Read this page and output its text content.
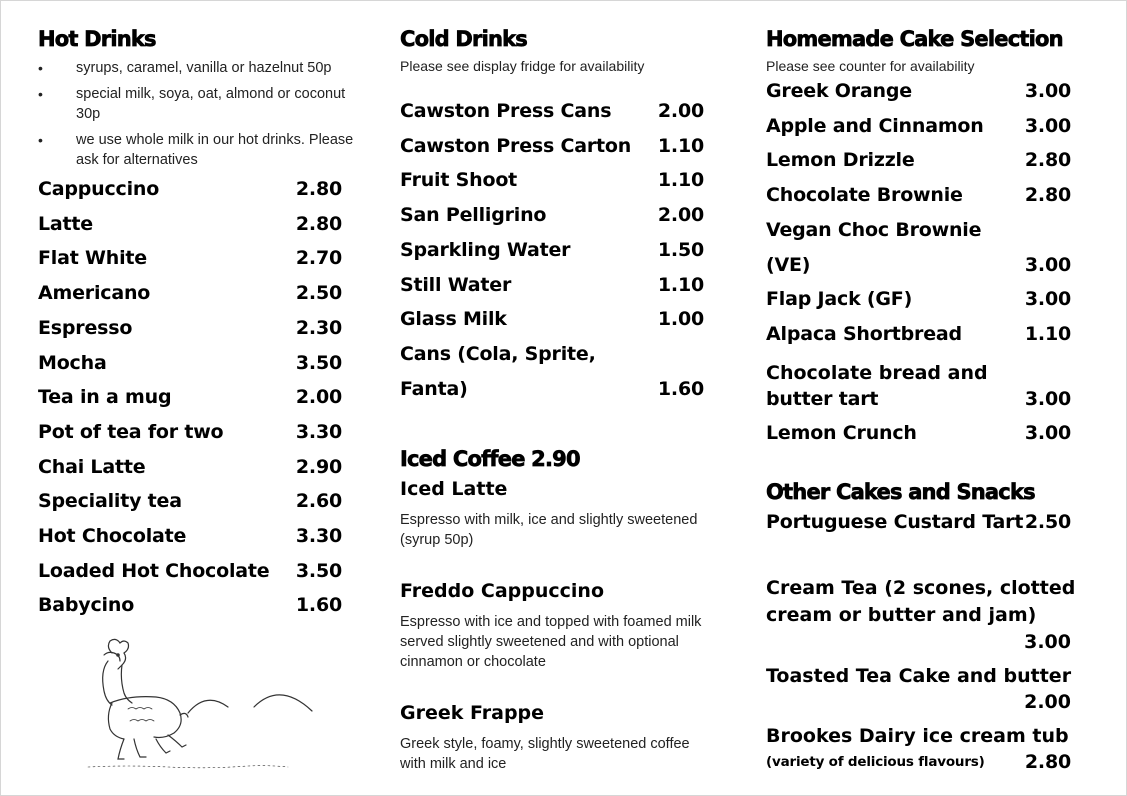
Hot Drinks
• syrups, caramel, vanilla or hazelnut 50p
• special milk, soya, oat, almond or coconut 30p
• we use whole milk in our hot drinks. Please ask for alternatives
Cappuccino	2.80
Latte	2.80
Flat White	2.70
Americano	2.50
Espresso	2.30
Mocha	3.50
Tea in a mug	2.00
Pot of tea for two	3.30
Chai Latte	2.90
Speciality tea	2.60
Hot Chocolate	3.30
Loaded Hot Chocolate 3.50
Babycino	1.60
Cold Drinks
Please see display fridge for availability
Cawston Press Cans 2.00
Cawston Press Carton 1.10
Fruit Shoot	1.10
San Pelligrino	2.00
Sparkling Water	1.50
Still Water	1.10
Glass Milk	1.00
Cans (Cola, Sprite, Fanta)	1.60
Iced Coffee 2.90
Iced Latte
Espresso with milk, ice and slightly sweetened (syrup 50p)
Freddo Cappuccino
Espresso with ice and topped with foamed milk served slightly sweetened and with optional cinnamon or chocolate
Greek Frappe
Greek style, foamy, slightly sweetened coffee with milk and ice
Homemade Cake Selection
Please see counter for availability
Greek Orange	3.00
Apple and Cinnamon 3.00
Lemon Drizzle	2.80
Chocolate Brownie	2.80
Vegan Choc Brownie (VE)	3.00
Flap Jack (GF)	3.00
Alpaca Shortbread	1.10
Chocolate bread and
butter tart	3.00
Lemon Crunch	3.00
Other Cakes and Snacks
Portuguese Custard Tart 2.50
Cream Tea (2 scones, clotted
cream or butter and jam)
3.00
Toasted Tea Cake and butter
2.00
Brookes Dairy ice cream tub
(variety of delicious flavours) 2.80
